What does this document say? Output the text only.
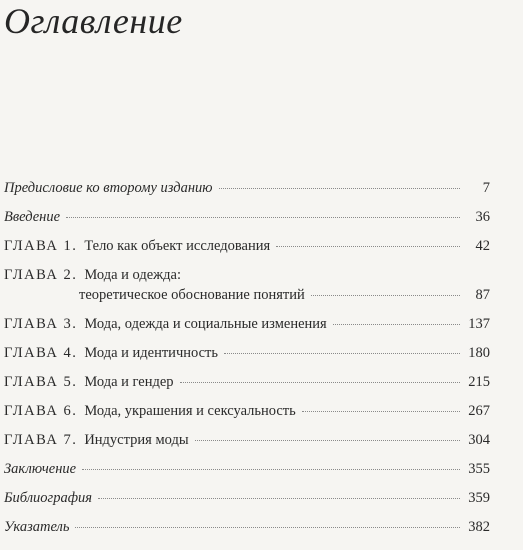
Оглавление
Предисловие ко второму изданию	7
Введение	36
ГЛАВА 1. Тело как объект исследования	42
ГЛАВА 2. Мода и одежда:
теоретическое обоснование понятий	87
ГЛАВА 3. Мода, одежда и социальные изменения	137
ГЛАВА 4. Мода и идентичность	180
ГЛАВА 5. Мода и гендер	215
ГЛАВА 6. Мода, украшения и сексуальность	267
ГЛАВА 7. Индустрия моды	304
Заключение	355
Библиография	359
Указатель	382
